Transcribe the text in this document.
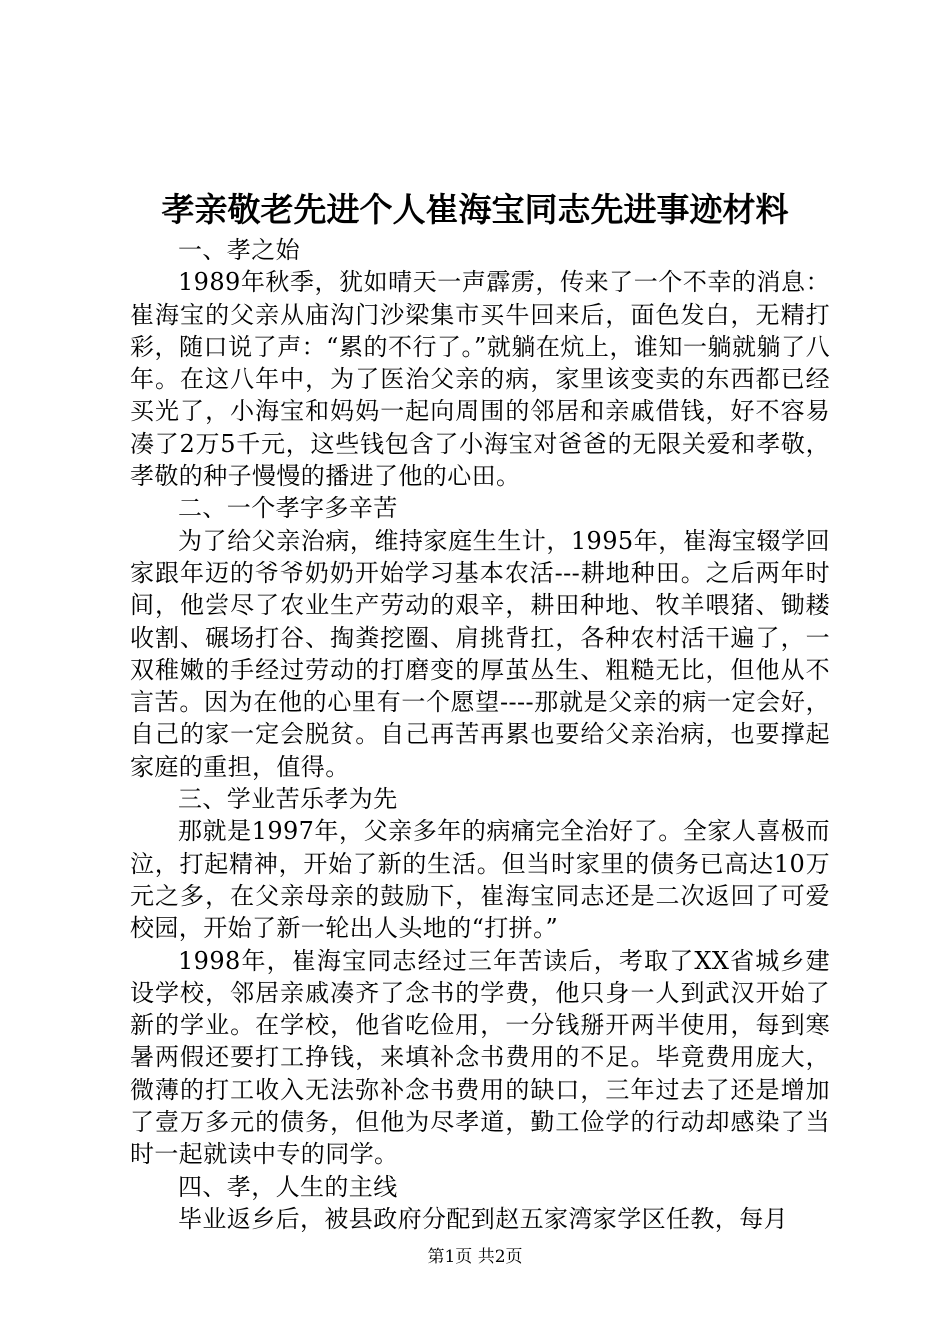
孝亲敬老先进个人崔海宝同志先进事迹材料

一、孝之始

1989年秋季，犹如晴天一声霹雳，传来了一个不幸的消息：崔海宝的父亲从庙沟门沙梁集市买牛回来后，面色发白，无精打彩，随口说了声：“累的不行了。”就躺在炕上，谁知一躺就躺了八年。在这八年中，为了医治父亲的病，家里该变卖的东西都已经买光了，小海宝和妈妈一起向周围的邻居和亲戚借钱，好不容易凑了2万5千元，这些钱包含了小海宝对爸爸的无限关爱和孝敬，孝敬的种子慢慢的播进了他的心田。

二、一个孝字多辛苦

为了给父亲治病，维持家庭生生计，1995年，崔海宝辍学回家跟年迈的爷爷奶奶开始学习基本农活---耕地种田。之后两年时间，他尝尽了农业生产劳动的艰辛，耕田种地、牧羊喂猪、锄耧收割、碾场打谷、掏粪挖圈、肩挑背扛，各种农村活干遍了，一双稚嫩的手经过劳动的打磨变的厚茧丛生、粗糙无比，但他从不言苦。因为在他的心里有一个愿望----那就是父亲的病一定会好，自己的家一定会脱贫。自己再苦再累也要给父亲治病，也要撑起家庭的重担，值得。

三、学业苦乐孝为先

那就是1997年，父亲多年的病痛完全治好了。全家人喜极而泣，打起精神，开始了新的生活。但当时家里的债务已高达10万元之多，在父亲母亲的鼓励下，崔海宝同志还是二次返回了可爱校园，开始了新一轮出人头地的“打拼。”

1998年，崔海宝同志经过三年苦读后，考取了XX省城乡建设学校，邻居亲戚凑齐了念书的学费，他只身一人到武汉开始了新的学业。在学校，他省吃俭用，一分钱掰开两半使用，每到寒暑两假还要打工挣钱，来填补念书费用的不足。毕竟费用庞大，微薄的打工收入无法弥补念书费用的缺口，三年过去了还是增加了壹万多元的债务，但他为尽孝道，勤工俭学的行动却感染了当时一起就读中专的同学。

四、孝，人生的主线

毕业返乡后，被县政府分配到赵五家湾家学区任教，每月

第1页 共2页
